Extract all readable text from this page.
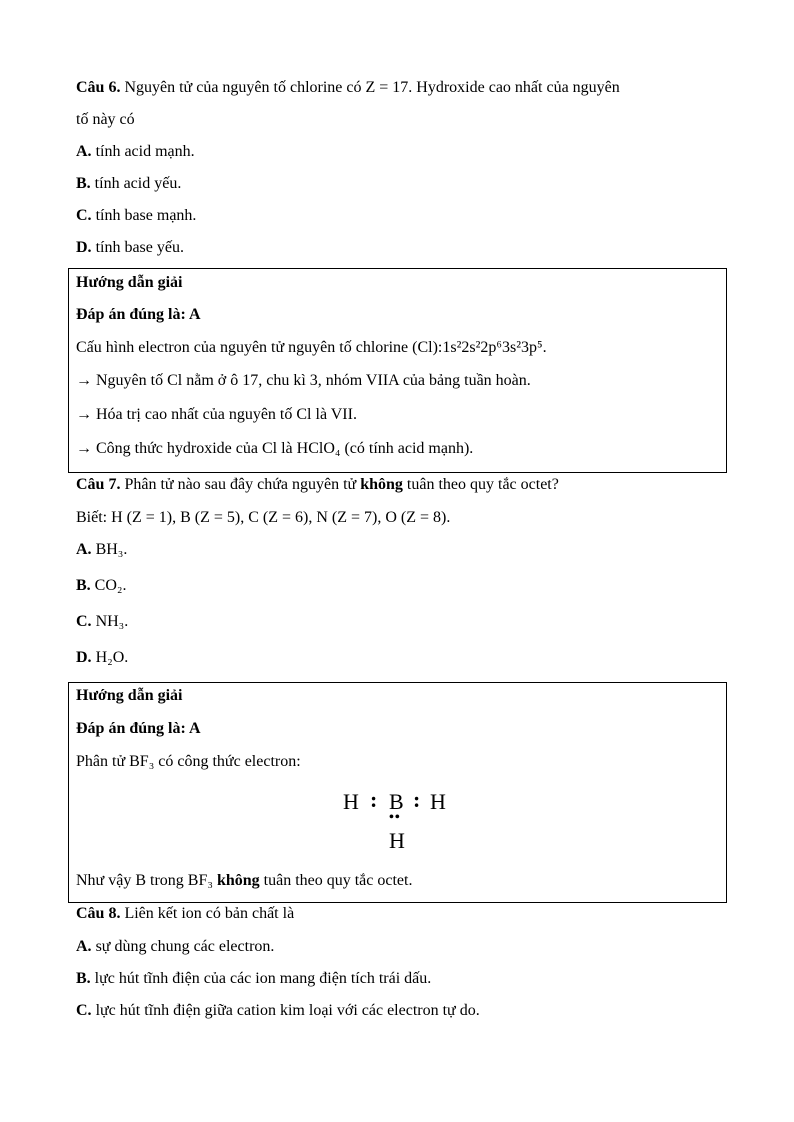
Câu 6. Nguyên tử của nguyên tố chlorine có Z = 17. Hydroxide cao nhất của nguyên
tố này có
A. tính acid mạnh.
B. tính acid yếu.
C. tính base mạnh.
D. tính base yếu.
Hướng dẫn giải
Đáp án đúng là: A
Cấu hình electron của nguyên tử nguyên tố chlorine (Cl):1s²2s²2p⁶3s²3p⁵.
→ Nguyên tố Cl nằm ở ô 17, chu kì 3, nhóm VIIA của bảng tuần hoàn.
→ Hóa trị cao nhất của nguyên tố Cl là VII.
→ Công thức hydroxide của Cl là HClO₄ (có tính acid mạnh).
Câu 7. Phân tử nào sau đây chứa nguyên tử không tuân theo quy tắc octet?
Biết: H (Z = 1), B (Z = 5), C (Z = 6), N (Z = 7), O (Z = 8).
A. BH₃.
B. CO₂.
C. NH₃.
D. H₂O.
Hướng dẫn giải
Đáp án đúng là: A
Phân tử BF₃ có công thức electron:
H : B : H
••
H
Như vậy B trong BF₃ không tuân theo quy tắc octet.
Câu 8. Liên kết ion có bản chất là
A. sự dùng chung các electron.
B. lực hút tĩnh điện của các ion mang điện tích trái dấu.
C. lực hút tĩnh điện giữa cation kim loại với các electron tự do.
